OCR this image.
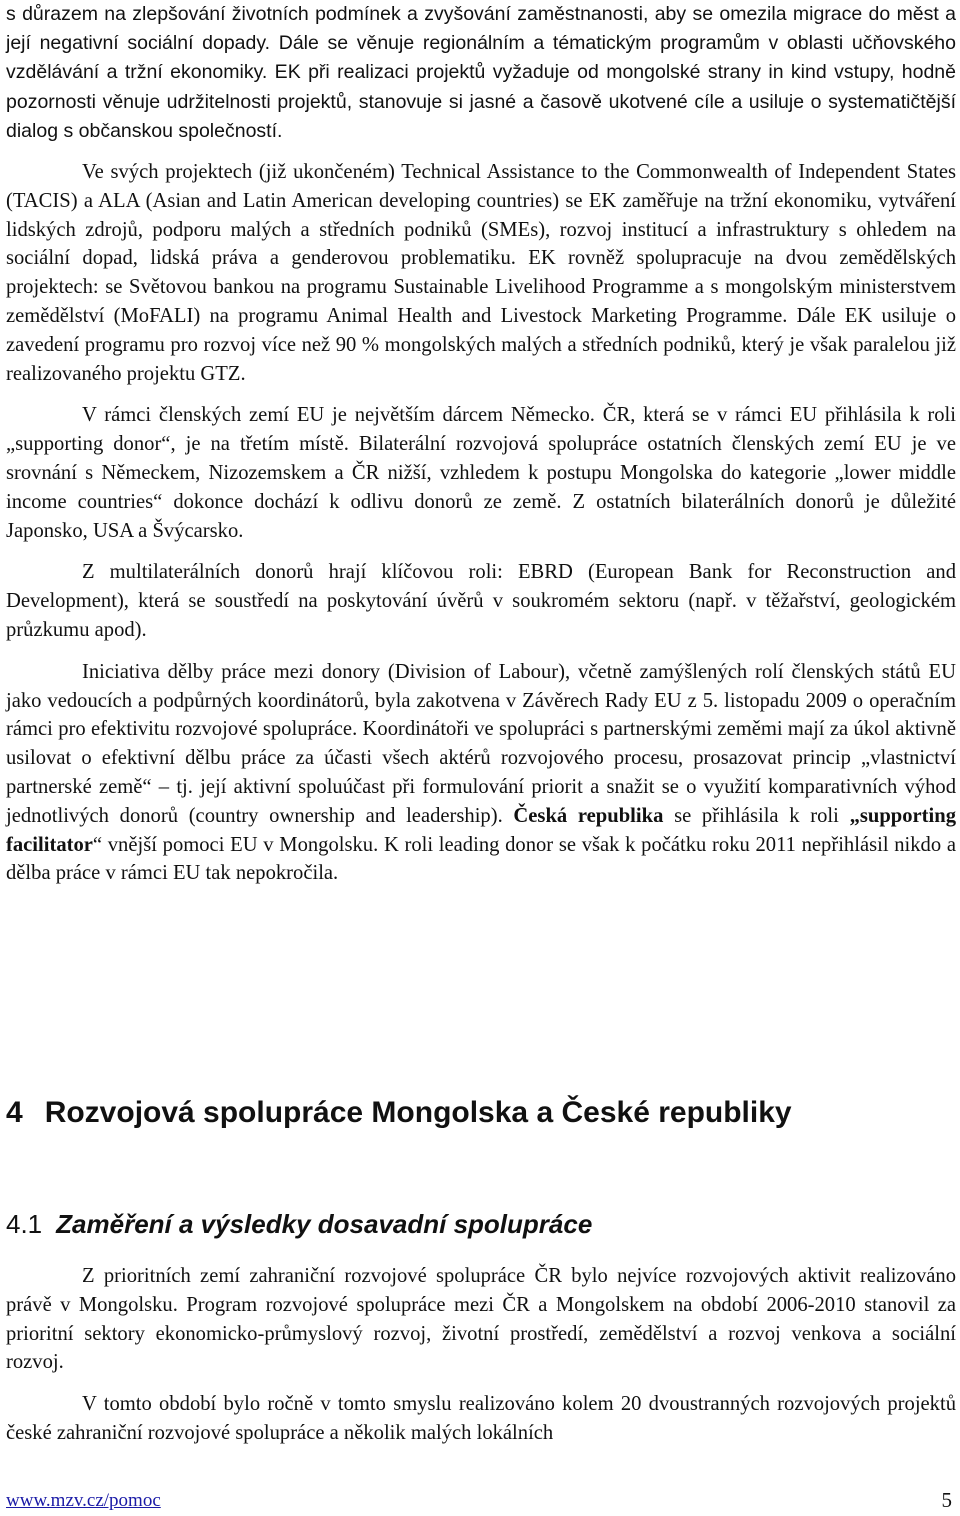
s důrazem na zlepšování životních podmínek a zvyšování zaměstnanosti, aby se omezila migrace do měst a její negativní sociální dopady. Dále se věnuje regionálním a tématickým programům v oblasti učňovského vzdělávání a tržní ekonomiky. EK při realizaci projektů vyžaduje od mongolské strany in kind vstupy, hodně pozornosti věnuje udržitelnosti projektů, stanovuje si jasné a časově ukotvené cíle a usiluje o systematičtější dialog s občanskou společností.

Ve svých projektech (již ukončeném) Technical Assistance to the Commonwealth of Independent States (TACIS) a ALA (Asian and Latin American developing countries) se EK zaměřuje na tržní ekonomiku, vytváření lidských zdrojů, podporu malých a středních podniků (SMEs), rozvoj institucí a infrastruktury s ohledem na sociální dopad, lidská práva a genderovou problematiku. EK rovněž spolupracuje na dvou zemědělských projektech: se Světovou bankou na programu Sustainable Livelihood Programme a s mongolským ministerstvem zemědělství (MoFALI) na programu Animal Health and Livestock Marketing Programme. Dále EK usiluje o zavedení programu pro rozvoj více než 90 % mongolských malých a středních podniků, který je však paralelou již realizovaného projektu GTZ.

V rámci členských zemí EU je největším dárcem Německo. ČR, která se v rámci EU přihlásila k roli „supporting donor“, je na třetím místě. Bilaterální rozvojová spolupráce ostatních členských zemí EU je ve srovnání s Německem, Nizozemskem a ČR nižší, vzhledem k postupu Mongolska do kategorie „lower middle income countries“ dokonce dochází k odlivu donorů ze země. Z ostatních bilaterálních donorů je důležité Japonsko, USA a Švýcarsko.

Z multilaterálních donorů hrají klíčovou roli: EBRD (European Bank for Reconstruction and Development), která se soustředí na poskytování úvěrů v soukromém sektoru (např. v těžařství, geologickém průzkumu apod).

Iniciativa dělby práce mezi donory (Division of Labour), včetně zamýšlených rolí členských států EU jako vedoucích a podpůrných koordinátorů, byla zakotvena v Závěrech Rady EU z 5. listopadu 2009 o operačním rámci pro efektivitu rozvojové spolupráce. Koordinátoři ve spolupráci s partnerskými zeměmi mají za úkol aktivně usilovat o efektivní dělbu práce za účasti všech aktérů rozvojového procesu, prosazovat princip „vlastnictví partnerské země“ – tj. její aktivní spoluúčast při formulování priorit a snažit se o využití komparativních výhod jednotlivých donorů (country ownership and leadership). Česká republika se přihlásila k roli „supporting facilitator“ vnější pomoci EU v Mongolsku. K roli leading donor se však k počátku roku 2011 nepřihlásil nikdo a dělba práce v rámci EU tak nepokročila.

4 Rozvojová spolupráce Mongolska a České republiky
4.1 Zaměření a výsledky dosavadní spolupráce

Z prioritních zemí zahraniční rozvojové spolupráce ČR bylo nejvíce rozvojových aktivit realizováno právě v Mongolsku. Program rozvojové spolupráce mezi ČR a Mongolskem na období 2006-2010 stanovil za prioritní sektory ekonomicko-průmyslový rozvoj, životní prostředí, zemědělství a rozvoj venkova a sociální rozvoj.

V tomto období bylo ročně v tomto smyslu realizováno kolem 20 dvoustranných rozvojových projektů české zahraniční rozvojové spolupráce a několik malých lokálních

www.mzv.cz/pomoc	5
